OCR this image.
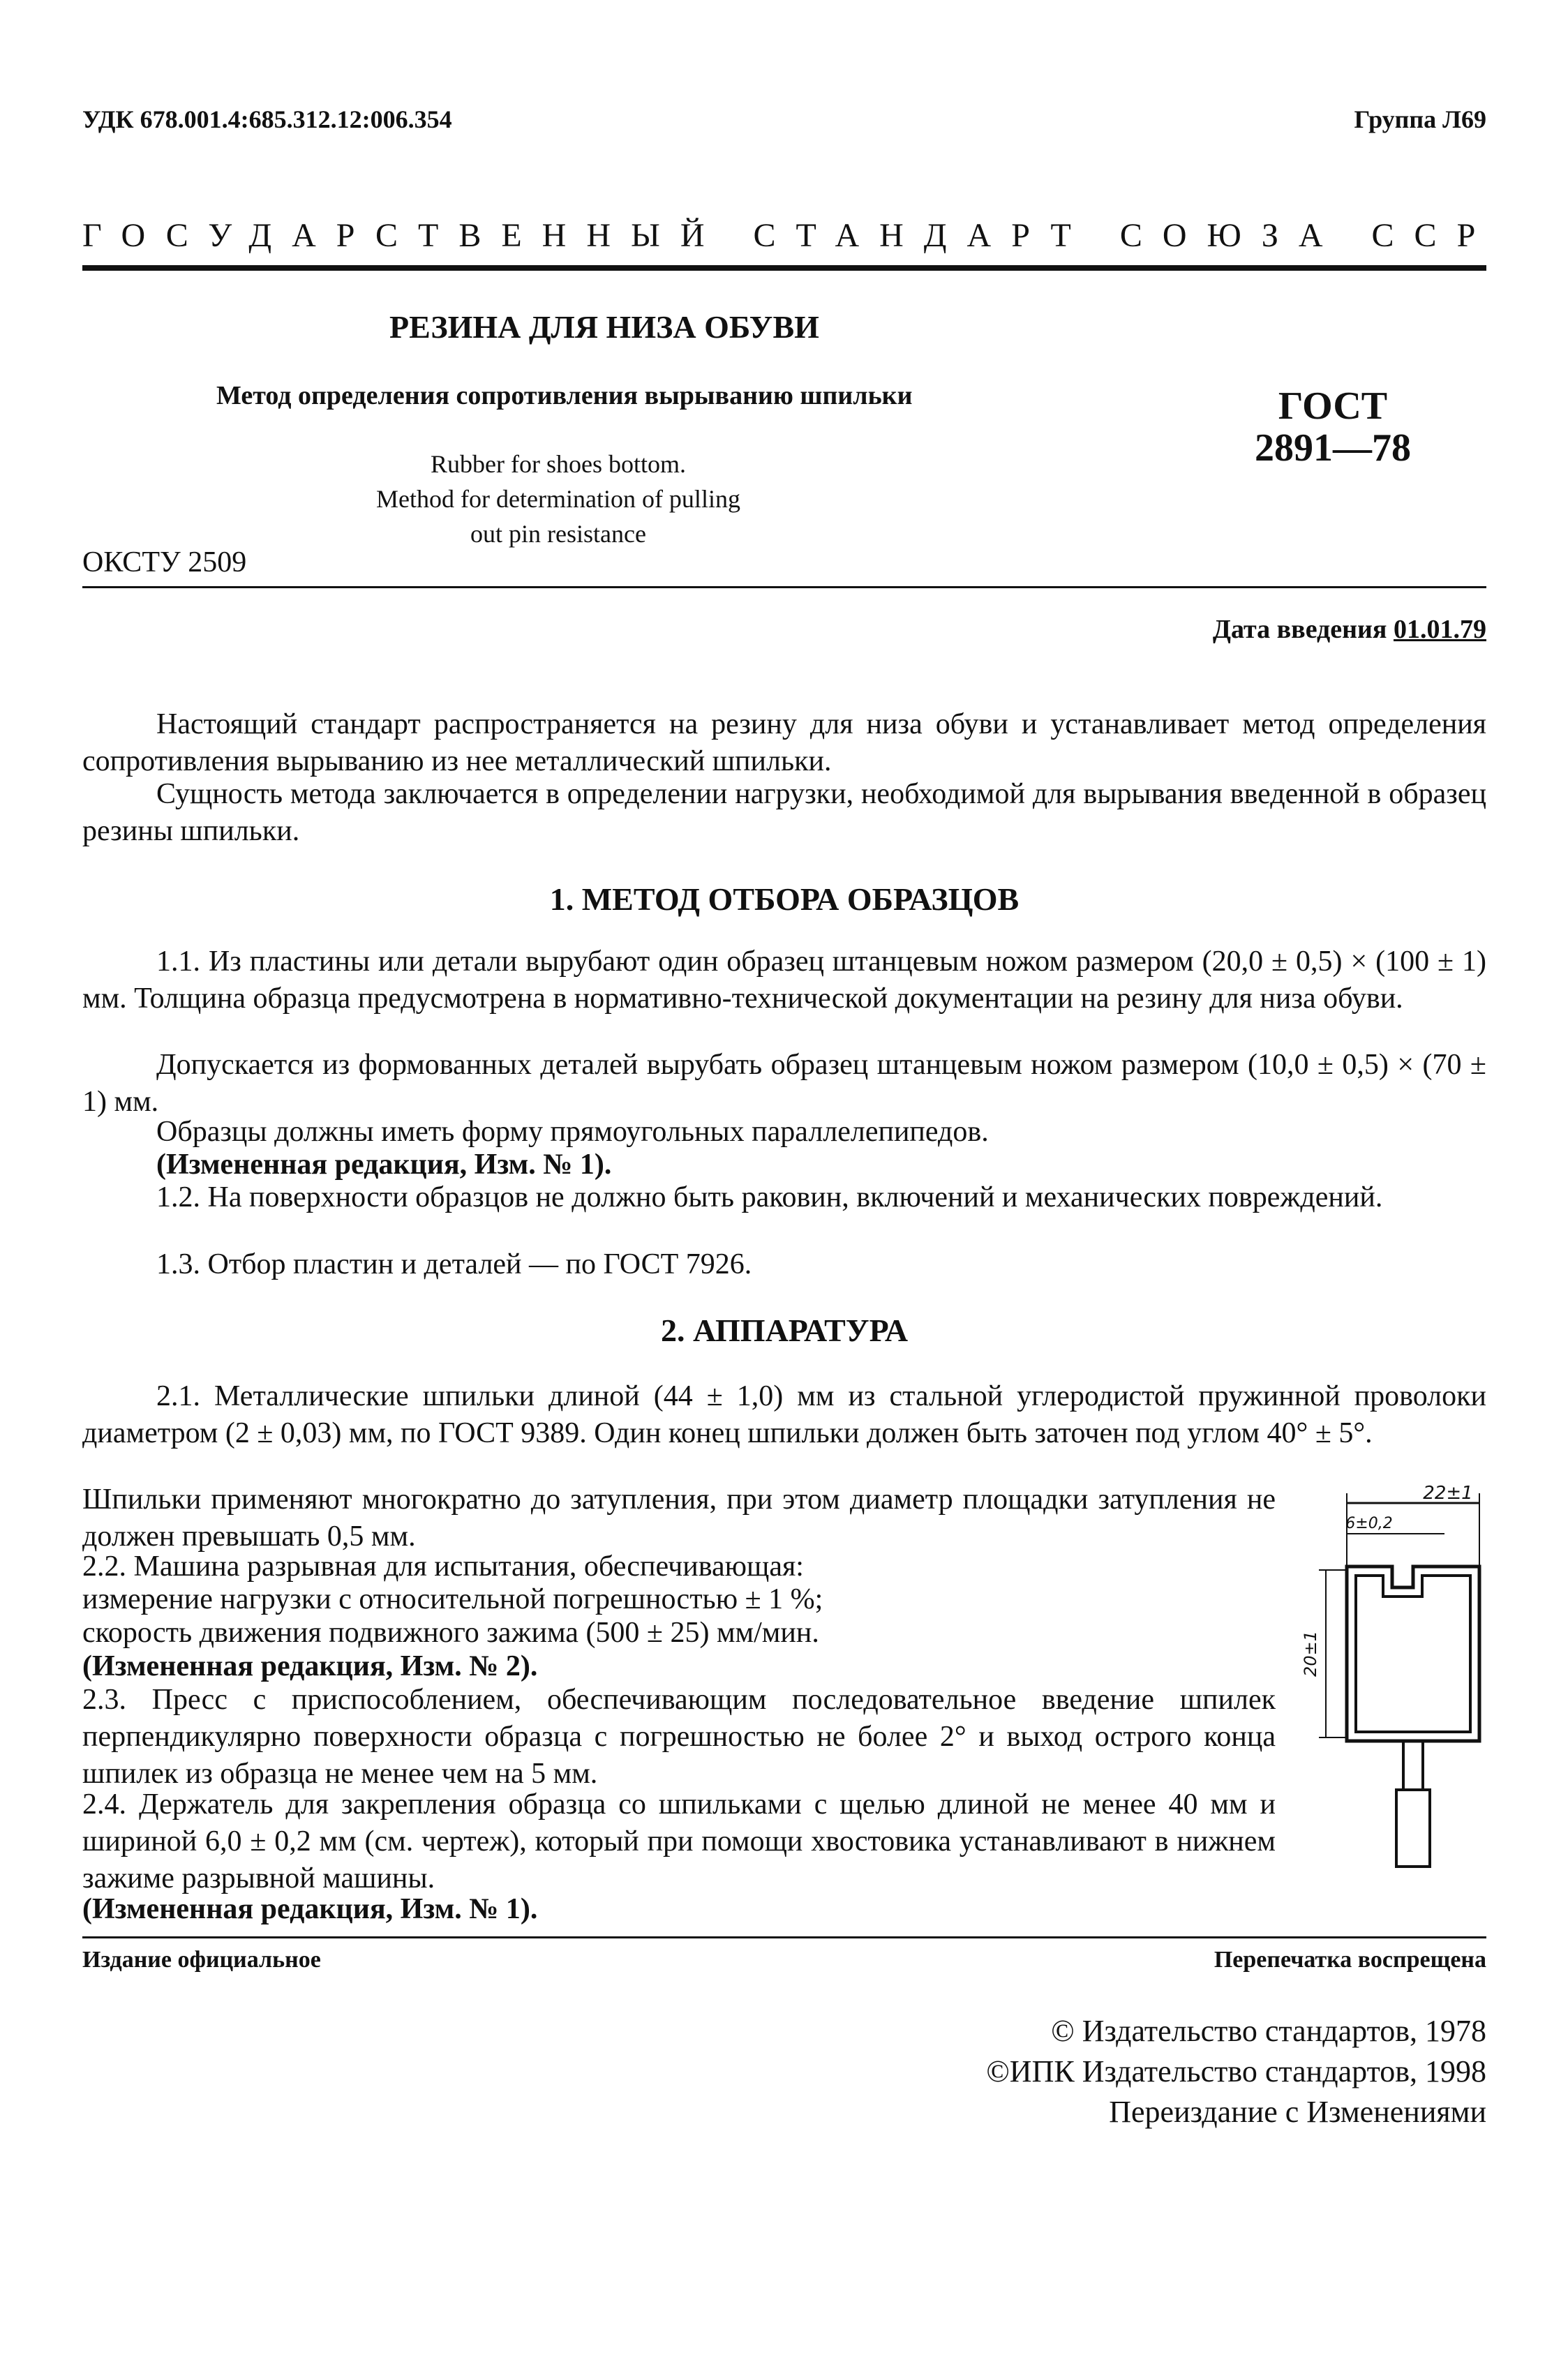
УДК 678.001.4:685.312.12:006.354	Группа Л69
ГОСУДАРСТВЕННЫЙ СТАНДАРТ СОЮЗА ССР
РЕЗИНА ДЛЯ НИЗА ОБУВИ
Метод определения сопротивления вырыванию шпильки
Rubber for shoes bottom.
Method for determination of pulling
out pin resistance
ГОСТ
2891—78
ОКСТУ 2509
Дата введения 01.01.79
Настоящий стандарт распространяется на резину для низа обуви и устанавливает метод определения сопротивления вырыванию из нее металлический шпильки.
Сущность метода заключается в определении нагрузки, необходимой для вырывания введенной в образец резины шпильки.
1. МЕТОД ОТБОРА ОБРАЗЦОВ
1.1. Из пластины или детали вырубают один образец штанцевым ножом размером (20,0 ± 0,5) × (100 ± 1) мм. Толщина образца предусмотрена в нормативно-технической документации на резину для низа обуви.
Допускается из формованных деталей вырубать образец штанцевым ножом размером (10,0 ± 0,5) × (70 ± 1) мм.
Образцы должны иметь форму прямоугольных параллелепипедов.
(Измененная редакция, Изм. № 1).
1.2. На поверхности образцов не должно быть раковин, включений и механических повреждений.
1.3. Отбор пластин и деталей — по ГОСТ 7926.
2. АППАРАТУРА
2.1. Металлические шпильки длиной (44 ± 1,0) мм из стальной углеродистой пружинной проволоки диаметром (2 ± 0,03) мм, по ГОСТ 9389. Один конец шпильки должен быть заточен под углом 40° ± 5°.
Шпильки применяют многократно до затупления, при этом диаметр площадки затупления не должен превышать 0,5 мм.
2.2. Машина разрывная для испытания, обеспечивающая:
измерение нагрузки с относительной погрешностью ± 1 %;
скорость движения подвижного зажима (500 ± 25) мм/мин.
(Измененная редакция, Изм. № 2).
2.3. Пресс с приспособлением, обеспечивающим последовательное введение шпилек перпендикулярно поверхности образца с погрешностью не более 2° и выход острого конца шпилек из образца не менее чем на 5 мм.
2.4. Держатель для закрепления образца со шпильками с щелью длиной не менее 40 мм и шириной 6,0 ± 0,2 мм (см. чертеж), который при помощи хвостовика устанавливают в нижнем зажиме разрывной машины.
(Измененная редакция, Изм. № 1).
22±1
6±0,2
20±1
Издание официальное	Перепечатка воспрещена
© Издательство стандартов, 1978
©ИПК Издательство стандартов, 1998
Переиздание с Изменениями
